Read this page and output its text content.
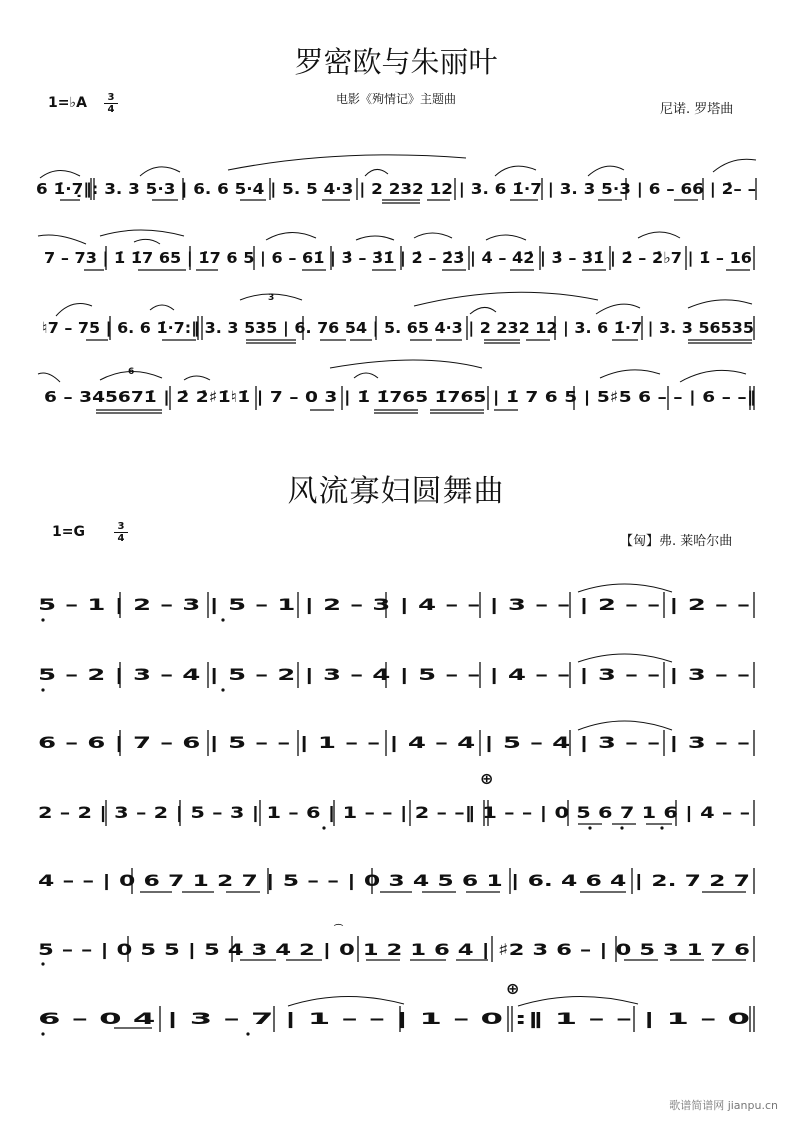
罗密欧与朱丽叶
电影《殉情记》主题曲
1=♭A	3
4	尼诺. 罗塔曲
风流寡妇圆舞曲
1=G	3
4	【匈】弗. 莱哈尔曲
6 1̇·7̣‖: 3. 3 5·3 | 6. 6 5·4 | 5. 5 4·3 | 2 232 12 | 3. 6 1̇·7 | 3. 3 5·3 | 6 – 66 | 2̇– –
7 – 73 | 1̇ 1̇7 65 | 1̇7 6 5 | 6 – 61̇ | 3̇ – 3̇1̇ | 2̇ – 2̇3̇ | 4̇ – 4̇2̇ | 3̇ – 3̇1̇ | 2̇ – 2̇♭7 | 1̇ – 16
♮7 – 75 | 6. 6 1̇·7:‖ 3. 3 535 | 6. 76 54 | 5. 65 4·3 | 2 232 12 | 3. 6 1̇·7 | 3. 3 56535
3
6 – 345671̇ | 2̇ 2̇♯1̇♮1̇ | 7 – 0 3 | 1̇ 1̇765 1̇765 | 1̇ 7 6 5 | 5♯5 6 – – | 6 – –‖
6
5 – 1 | 2 – 3 | 5 – 1 | 2 – 3 | 4 – – | 3 – – | 2 – – | 2 – –
5 – 2 | 3 – 4 | 5 – 2 | 3 – 4 | 5 – – | 4 – – | 3 – – | 3 – –
6 – 6 | 7 – 6 | 5 – – | 1 – – | 4 – 4 | 5 – 4 | 3 – – | 3 – –
2 – 2 | 3 – 2 | 5 – 3 | 1 – 6 | 1 – – | 2 – –‖ 1 – – | 0 5 6 7 1 6 | 4 – –
⊕
4 – – | 0 6 7 1 2 7 | 5 – – | 0 3 4 5 6 1 | 6. 4 6 4 | 2. 7 2 7
5 – – | 0 5 5 | 5 4 3 4 2 | 0 1 2 1 6 4 | ♯2 3 6 – | 0 5 3 1 7 6
⌒
6 – 0 4 | 3 – 7 | 1 – – | 1 – 0 :‖ 1 – – | 1 – 0
⊕
歌谱简谱网 jianpu.cn
